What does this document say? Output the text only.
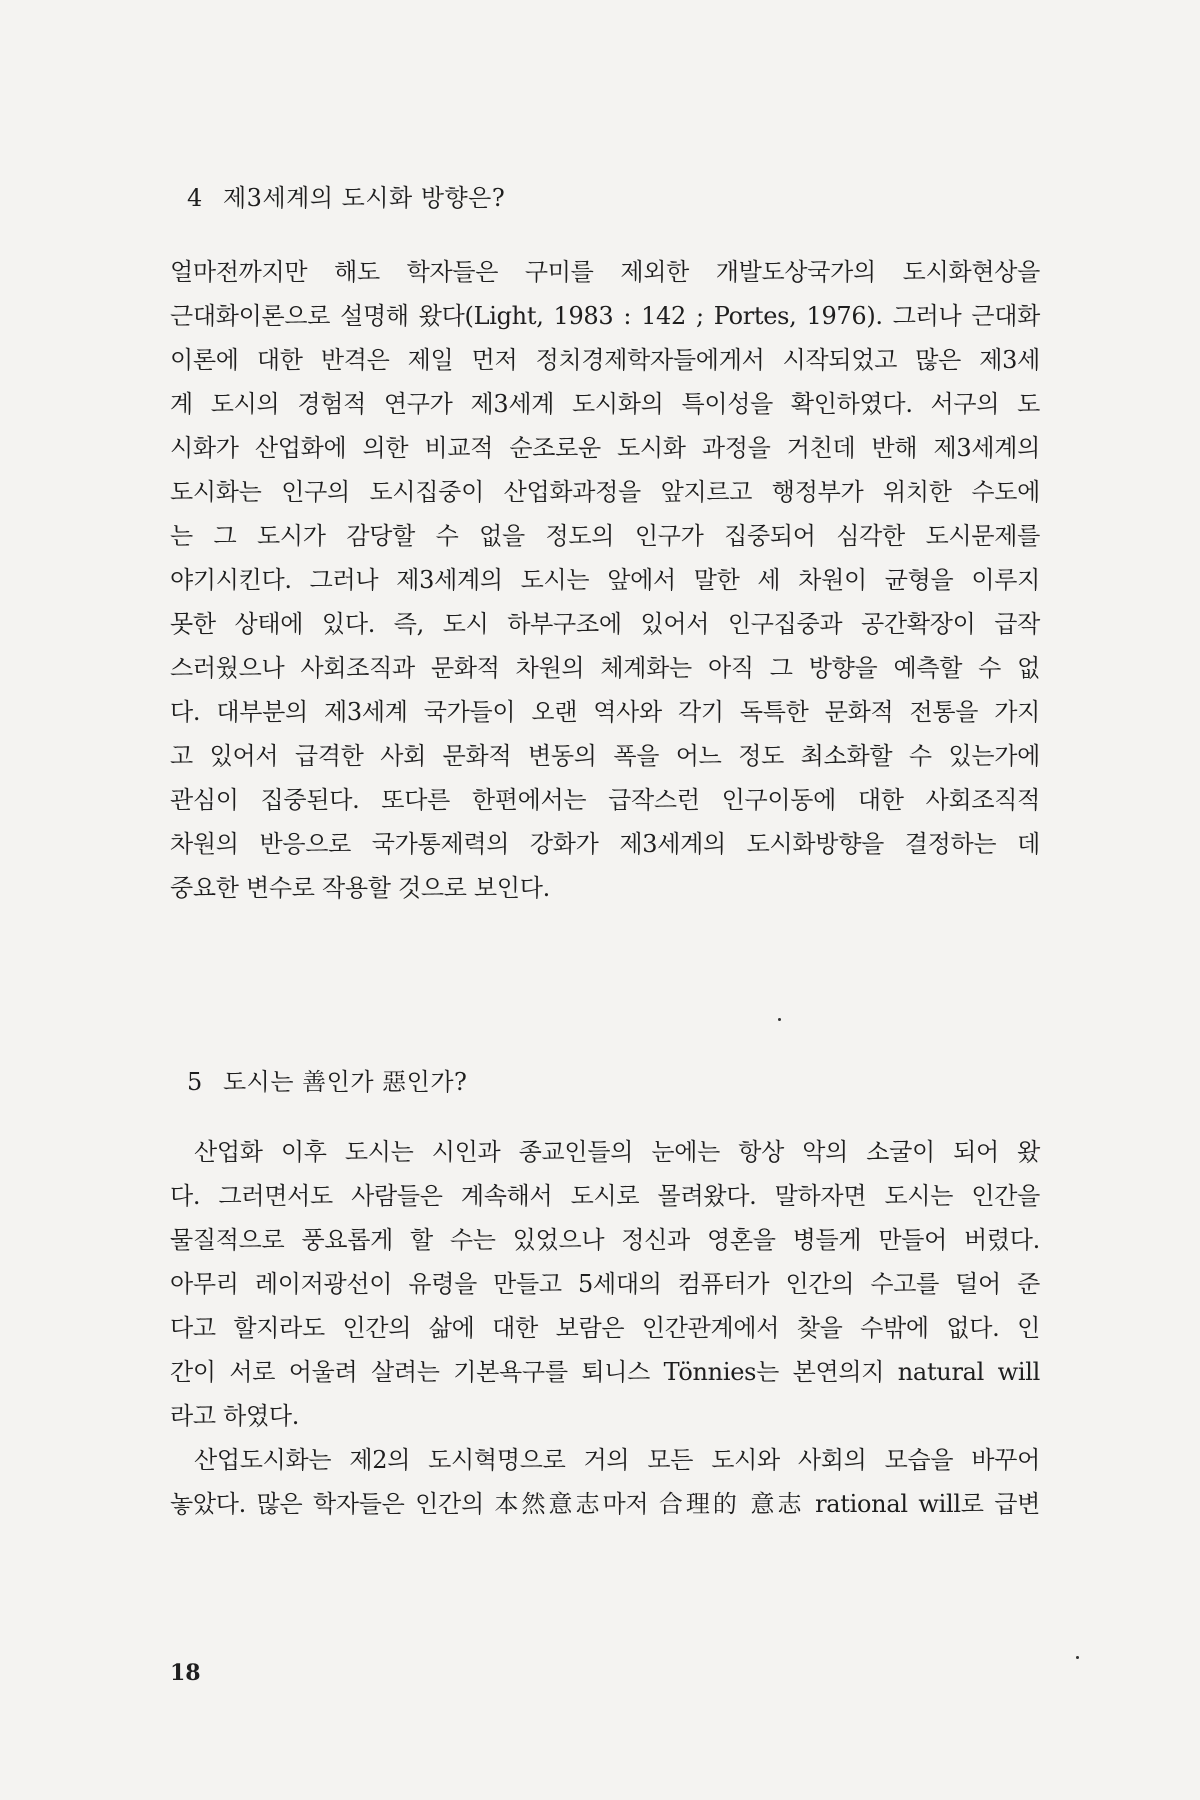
4 제3세계의 도시화 방향은?
얼마전까지만 해도 학자들은 구미를 제외한 개발도상국가의 도시화현상을
근대화이론으로 설명해 왔다(Light, 1983 : 142 ; Portes, 1976). 그러나 근대화
이론에 대한 반격은 제일 먼저 정치경제학자들에게서 시작되었고 많은 제3세
계 도시의 경험적 연구가 제3세계 도시화의 특이성을 확인하였다. 서구의 도
시화가 산업화에 의한 비교적 순조로운 도시화 과정을 거친데 반해 제3세계의
도시화는 인구의 도시집중이 산업화과정을 앞지르고 행정부가 위치한 수도에
는 그 도시가 감당할 수 없을 정도의 인구가 집중되어 심각한 도시문제를
야기시킨다. 그러나 제3세계의 도시는 앞에서 말한 세 차원이 균형을 이루지
못한 상태에 있다. 즉, 도시 하부구조에 있어서 인구집중과 공간확장이 급작
스러웠으나 사회조직과 문화적 차원의 체계화는 아직 그 방향을 예측할 수 없
다. 대부분의 제3세계 국가들이 오랜 역사와 각기 독특한 문화적 전통을 가지
고 있어서 급격한 사회 문화적 변동의 폭을 어느 정도 최소화할 수 있는가에
관심이 집중된다. 또다른 한편에서는 급작스런 인구이동에 대한 사회조직적
차원의 반응으로 국가통제력의 강화가 제3세계의 도시화방향을 결정하는 데
중요한 변수로 작용할 것으로 보인다.
5 도시는 善인가 惡인가?
산업화 이후 도시는 시인과 종교인들의 눈에는 항상 악의 소굴이 되어 왔
다. 그러면서도 사람들은 계속해서 도시로 몰려왔다. 말하자면 도시는 인간을
물질적으로 풍요롭게 할 수는 있었으나 정신과 영혼을 병들게 만들어 버렸다.
아무리 레이저광선이 유령을 만들고 5세대의 컴퓨터가 인간의 수고를 덜어 준
다고 할지라도 인간의 삶에 대한 보람은 인간관계에서 찾을 수밖에 없다. 인
간이 서로 어울려 살려는 기본욕구를 퇴니스 Tönnies는 본연의지 natural will
라고 하였다.
산업도시화는 제2의 도시혁명으로 거의 모든 도시와 사회의 모습을 바꾸어
놓았다. 많은 학자들은 인간의 本然意志마저 合理的 意志 rational will로 급변
18
